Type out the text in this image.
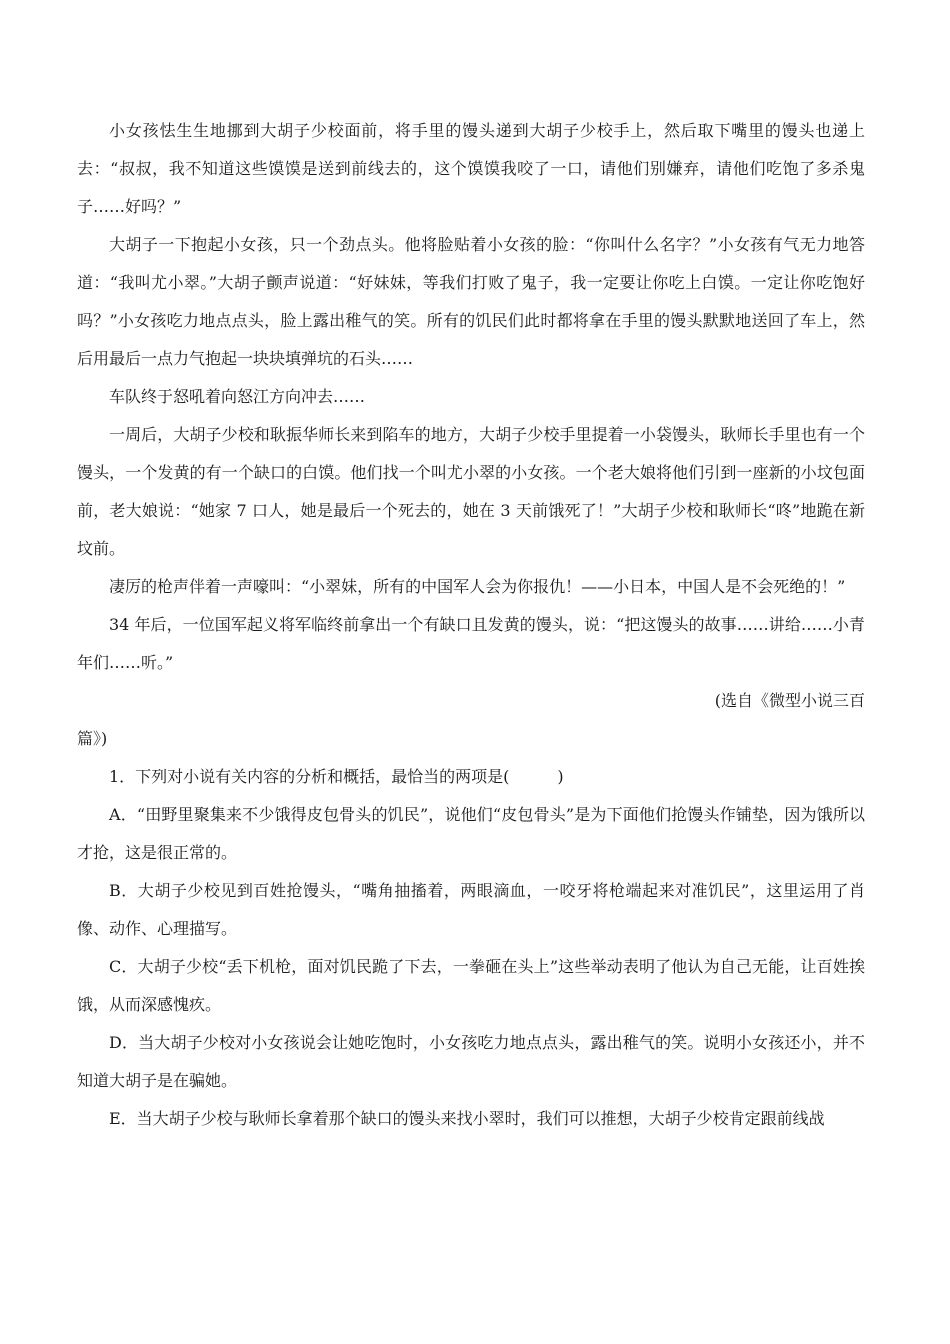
小女孩怯生生地挪到大胡子少校面前，将手里的馒头递到大胡子少校手上，然后取下嘴里的馒头也递上去：“叔叔，我不知道这些馍馍是送到前线去的，这个馍馍我咬了一口，请他们别嫌弃，请他们吃饱了多杀鬼子……好吗？”

大胡子一下抱起小女孩，只一个劲点头。他将脸贴着小女孩的脸：“你叫什么名字？”小女孩有气无力地答道：“我叫尤小翠。”大胡子颤声说道：“好妹妹，等我们打败了鬼子，我一定要让你吃上白馍。一定让你吃饱好吗？”小女孩吃力地点点头，脸上露出稚气的笑。所有的饥民们此时都将拿在手里的馒头默默地送回了车上，然后用最后一点力气抱起一块块填弹坑的石头……

车队终于怒吼着向怒江方向冲去……

一周后，大胡子少校和耿振华师长来到陷车的地方，大胡子少校手里提着一小袋馒头，耿师长手里也有一个馒头，一个发黄的有一个缺口的白馍。他们找一个叫尤小翠的小女孩。一个老大娘将他们引到一座新的小坟包面前，老大娘说：“她家 7 口人，她是最后一个死去的，她在 3 天前饿死了！”大胡子少校和耿师长“咚”地跪在新坟前。

凄厉的枪声伴着一声嚎叫：“小翠妹，所有的中国军人会为你报仇！——小日本，中国人是不会死绝的！”

34 年后，一位国军起义将军临终前拿出一个有缺口且发黄的馒头，说：“把这馒头的故事……讲给……小青年们……听。”

(选自《微型小说三百

篇》)

1．下列对小说有关内容的分析和概括，最恰当的两项是(　　　)

A．“田野里聚集来不少饿得皮包骨头的饥民”，说他们“皮包骨头”是为下面他们抢馒头作铺垫，因为饿所以才抢，这是很正常的。

B．大胡子少校见到百姓抢馒头，“嘴角抽搐着，两眼滴血，一咬牙将枪端起来对准饥民”，这里运用了肖像、动作、心理描写。

C．大胡子少校“丢下机枪，面对饥民跪了下去，一拳砸在头上”这些举动表明了他认为自己无能，让百姓挨饿，从而深感愧疚。

D．当大胡子少校对小女孩说会让她吃饱时，小女孩吃力地点点头，露出稚气的笑。说明小女孩还小，并不知道大胡子是在骗她。

E．当大胡子少校与耿师长拿着那个缺口的馒头来找小翠时，我们可以推想，大胡子少校肯定跟前线战
